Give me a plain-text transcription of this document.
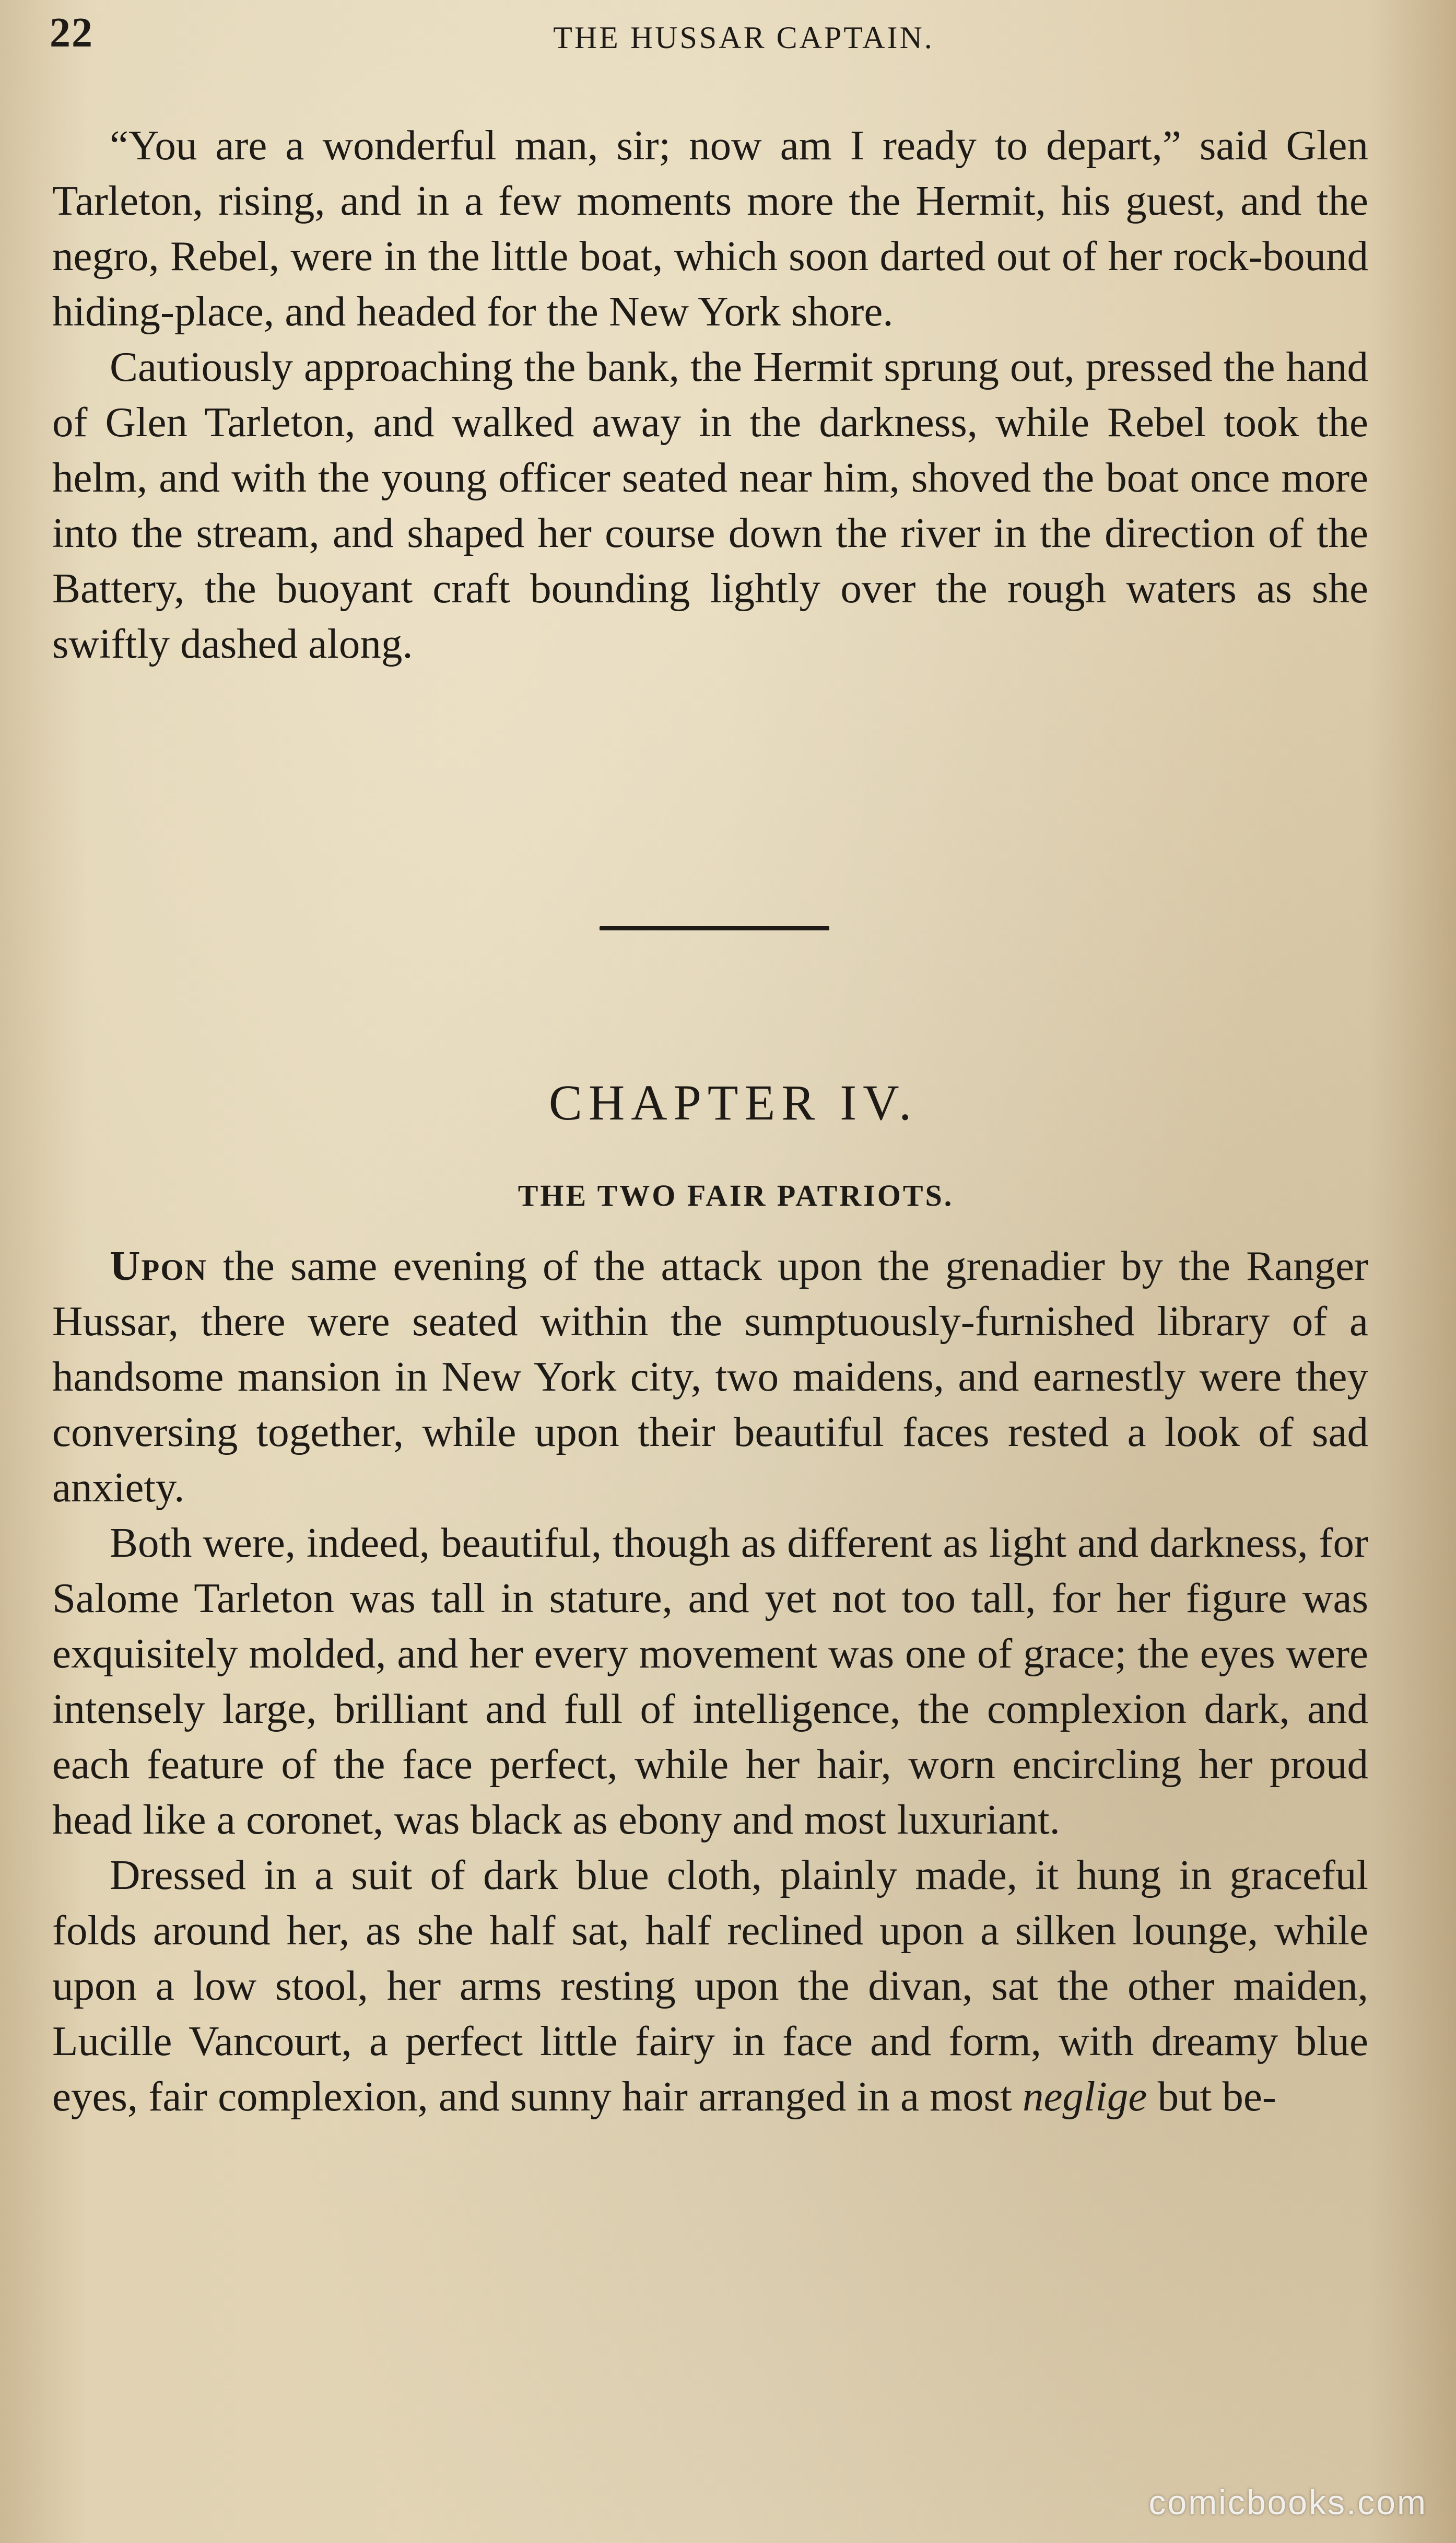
22	THE HUSSAR CAPTAIN.

“You are a wonderful man, sir; now am I ready to depart,” said Glen Tarleton, rising, and in a few moments more the Hermit, his guest, and the negro, Rebel, were in the little boat, which soon darted out of her rock-bound hiding-place, and headed for the New York shore.

Cautiously approaching the bank, the Hermit sprung out, pressed the hand of Glen Tarleton, and walked away in the darkness, while Rebel took the helm, and with the young officer seated near him, shoved the boat once more into the stream, and shaped her course down the river in the direction of the Battery, the buoyant craft bounding lightly over the rough waters as she swiftly dashed along.

CHAPTER IV.
THE TWO FAIR PATRIOTS.

Upon the same evening of the attack upon the grenadier by the Ranger Hussar, there were seated within the sumptuously-furnished library of a handsome mansion in New York city, two maidens, and earnestly were they conversing together, while upon their beautiful faces rested a look of sad anxiety.

Both were, indeed, beautiful, though as different as light and darkness, for Salome Tarleton was tall in stature, and yet not too tall, for her figure was exquisitely molded, and her every movement was one of grace; the eyes were intensely large, brilliant and full of intelligence, the complexion dark, and each feature of the face perfect, while her hair, worn encircling her proud head like a coronet, was black as ebony and most luxuriant.

Dressed in a suit of dark blue cloth, plainly made, it hung in graceful folds around her, as she half sat, half reclined upon a silken lounge, while upon a low stool, her arms resting upon the divan, sat the other maiden, Lucille Vancourt, a perfect little fairy in face and form, with dreamy blue eyes, fair complexion, and sunny hair arranged in a most neglige but be-

comicbooks.com
